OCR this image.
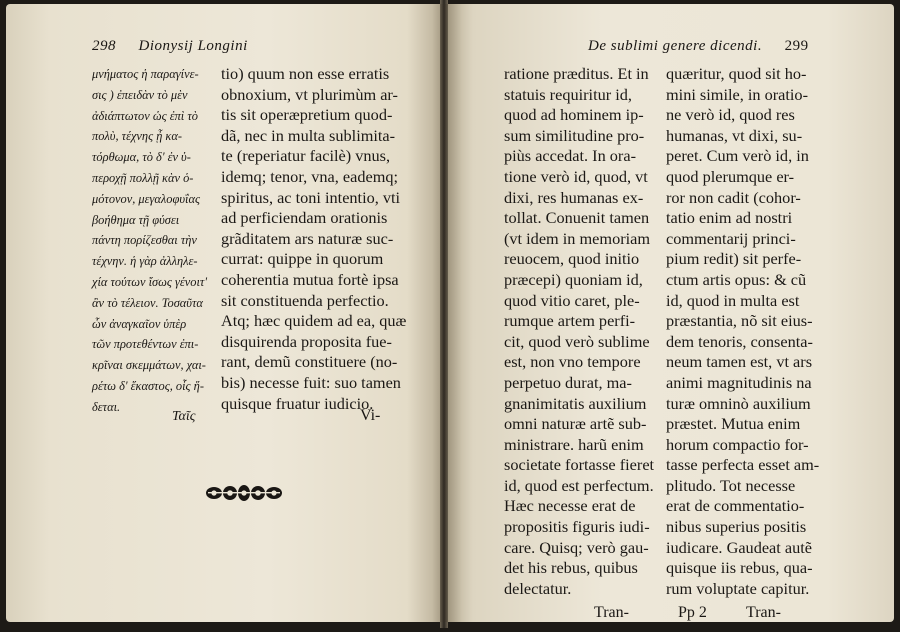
298 Dionysij Longini
μνήματος ἡ παραγίνε-
σις ) ἐπειδὰν τὸ μὲν
ἀδιάπτωτον ὡς ἐπὶ τὸ
πολὺ, τέχνης ᾖ κα-
τόρθωμα, τὸ δ' ἐν ὑ-
περοχῇ πολλῇ κὰν ὁ-
μότονον, μεγαλοφυΐας
βοήθημα τῇ φύσει
πάντη πορίζεσθαι τὴν
τέχνην. ἡ γὰρ ἀλληλε-
χία τούτων ἴσως γένοιτ'
ἂν τὸ τέλειον. Τοσαῦτα
ὧν ἀναγκαῖον ὑπὲρ
τῶν προτεθέντων ἐπι-
κρῖναι σκεμμάτων, χαι-
ρέτω δ' ἕκαστος, οἷς ἥ-
δεται.
tio) quum non esse erratis
obnoxium, vt plurimùm ar-
tis sit operæpretium quod-
dã, nec in multa sublimita-
te (reperiatur facilè) vnus,
idemq; tenor, vna, eademq;
spiritus, ac toni intentio, vti
ad perficiendam orationis
grãditatem ars naturæ suc-
currat: quippe in quorum
coherentia mutua fortè ipsa
sit constituenda perfectio.
Atq; hæc quidem ad ea, quæ
disquirenda proposita fue-
rant, demũ constituere (no-
bis) necesse fuit: suo tamen
quisque fruatur iudicio.
Ταῖς	Vi-
De sublimi genere dicendi. 299
ratione præditus. Et in
statuis requiritur id,
quod ad hominem ip-
sum similitudine pro-
piùs accedat. In ora-
tione verò id, quod, vt
dixi, res humanas ex-
tollat. Conuenit tamen
(vt idem in memoriam
reuocem, quod initio
præcepi) quoniam id,
quod vitio caret, ple-
rumque artem perfi-
cit, quod verò sublime
est, non vno tempore
perpetuo durat, ma-
gnanimitatis auxilium
omni naturæ artẽ sub-
ministrare. harũ enim
societate fortasse fieret
id, quod est perfectum.
Hæc necesse erat de
propositis figuris iudi-
care. Quisq; verò gau-
det his rebus, quibus
delectatur.
quæritur, quod sit ho-
mini simile, in oratio-
ne verò id, quod res
humanas, vt dixi, su-
peret. Cum verò id, in
quod plerumque er-
ror non cadit (cohor-
tatio enim ad nostri
commentarij princi-
pium redit) sit perfe-
ctum artis opus: & cũ
id, quod in multa est
præstantia, nõ sit eius-
dem tenoris, consenta-
neum tamen est, vt ars
animi magnitudinis na
turæ omninò auxilium
præstet. Mutua enim
horum compactio for-
tasse perfecta esset am-
plitudo. Tot necesse
erat de commentatio-
nibus superius positis
iudicare. Gaudeat autẽ
quisque iis rebus, qua-
rum voluptate capitur.
Tran-	Pp 2 Tran-
